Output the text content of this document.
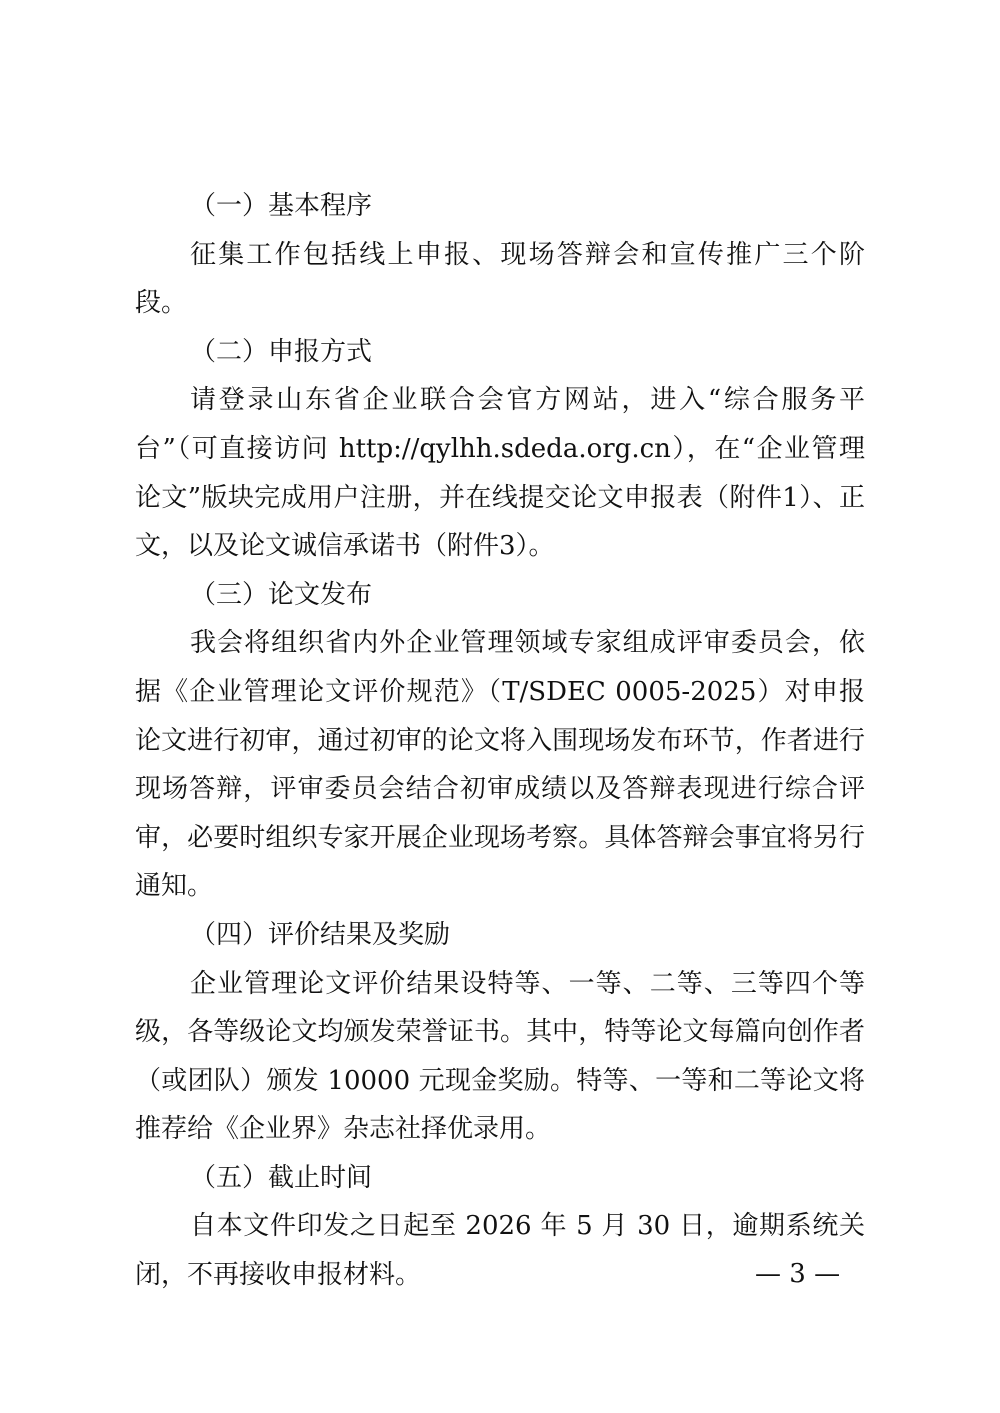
（一）基本程序

征集工作包括线上申报、现场答辩会和宣传推广三个阶段。

（二）申报方式

请登录山东省企业联合会官方网站，进入“综合服务平台”（可直接访问 http://qylhh.sdeda.org.cn），在“企业管理论文”版块完成用户注册，并在线提交论文申报表（附件1）、正文，以及论文诚信承诺书（附件3）。

（三）论文发布

我会将组织省内外企业管理领域专家组成评审委员会，依据《企业管理论文评价规范》（T/SDEC 0005-2025）对申报论文进行初审，通过初审的论文将入围现场发布环节，作者进行现场答辩，评审委员会结合初审成绩以及答辩表现进行综合评审，必要时组织专家开展企业现场考察。具体答辩会事宜将另行通知。

（四）评价结果及奖励

企业管理论文评价结果设特等、一等、二等、三等四个等级，各等级论文均颁发荣誉证书。其中，特等论文每篇向创作者（或团队）颁发 10000 元现金奖励。特等、一等和二等论文将推荐给《企业界》杂志社择优录用。

（五）截止时间

自本文件印发之日起至 2026 年 5 月 30 日，逾期系统关闭，不再接收申报材料。	— 3 —
